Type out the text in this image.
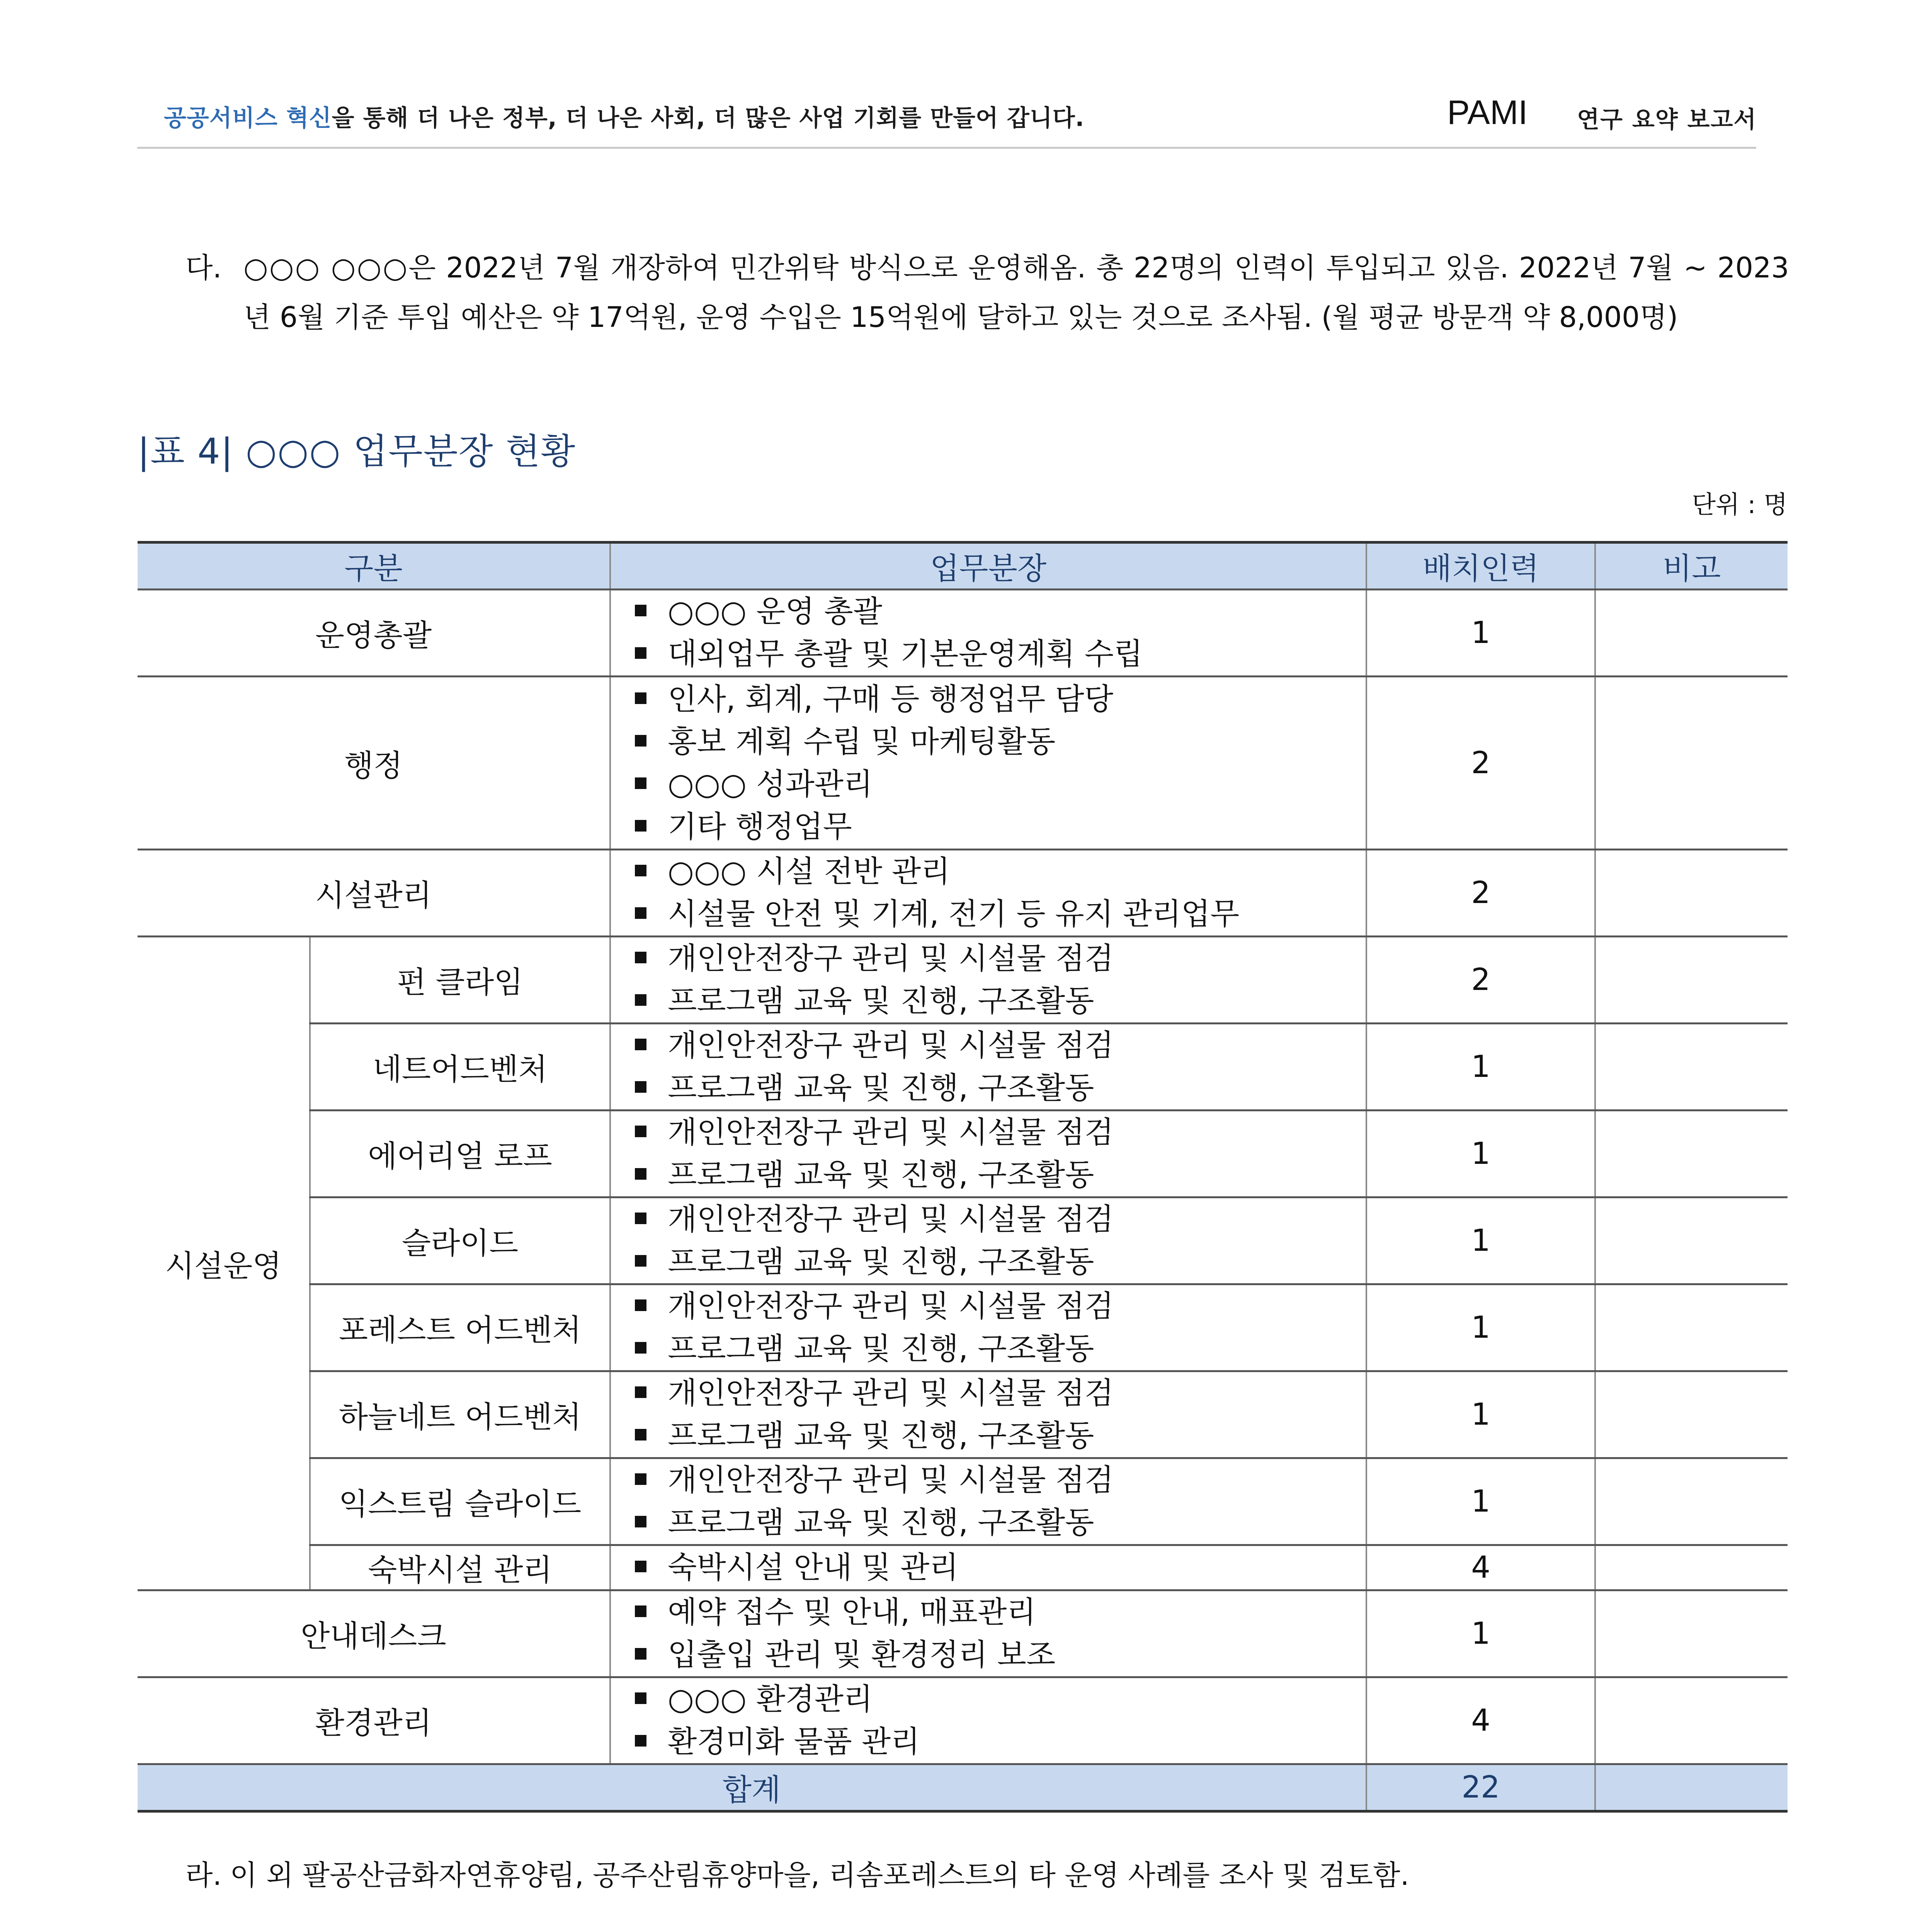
공공서비스 혁신을 통해 더 나은 정부, 더 나은 사회, 더 많은 사업 기회를 만들어 갑니다.	PAMI 연구 요약 보고서
다. ○○○ ○○○은 2022년 7월 개장하여 민간위탁 방식으로 운영해옴. 총 22명의 인력이 투입되고 있음. 2022년 7월 ~ 2023년 6월 기준 투입 예산은 약 17억원, 운영 수입은 15억원에 달하고 있는 것으로 조사됨. (월 평균 방문객 약 8,000명)
|표 4| ○○○ 업무분장 현황
단위 : 명
구분		업무분장	배치인력	비고
운영총괄		○○○ 운영 총괄
대외업무 총괄 및 기본운영계획 수립	1	
행정		인사, 회계, 구매 등 행정업무 담당
홍보 계획 수립 및 마케팅활동
○○○ 성과관리
기타 행정업무	2	
시설관리		○○○ 시설 전반 관리
시설물 안전 및 기계, 전기 등 유지 관리업무	2	
시설운영	펀 클라임	개인안전장구 관리 및 시설물 점검
프로그램 교육 및 진행, 구조활동	2	
	네트어드벤처	개인안전장구 관리 및 시설물 점검
프로그램 교육 및 진행, 구조활동	1	
	에어리얼 로프	개인안전장구 관리 및 시설물 점검
프로그램 교육 및 진행, 구조활동	1	
	슬라이드	개인안전장구 관리 및 시설물 점검
프로그램 교육 및 진행, 구조활동	1	
	포레스트 어드벤처	개인안전장구 관리 및 시설물 점검
프로그램 교육 및 진행, 구조활동	1	
	하늘네트 어드벤처	개인안전장구 관리 및 시설물 점검
프로그램 교육 및 진행, 구조활동	1	
	익스트림 슬라이드	개인안전장구 관리 및 시설물 점검
프로그램 교육 및 진행, 구조활동	1	
	숙박시설 관리	숙박시설 안내 및 관리	4	
안내데스크		예약 접수 및 안내, 매표관리
입출입 관리 및 환경정리 보조	1	
환경관리		○○○ 환경관리
환경미화 물품 관리	4	
합계			22	
라. 이 외 팔공산금화자연휴양림, 공주산림휴양마을, 리솜포레스트의 타 운영 사례를 조사 및 검토함.
